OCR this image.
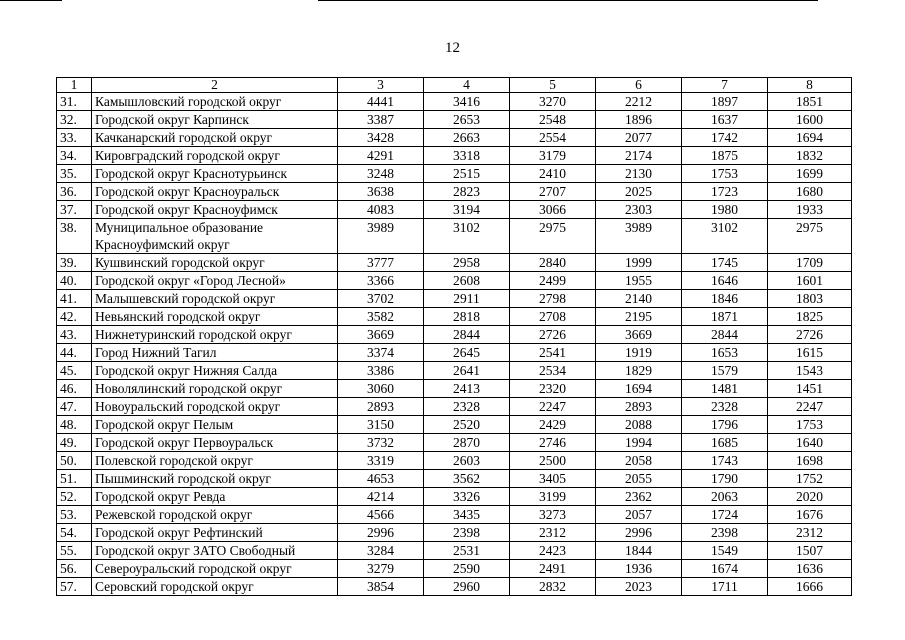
12
1	2	3	4	5	6	7	8
31.	Камышловский городской округ	4441	3416	3270	2212	1897	1851
32.	Городской округ Карпинск	3387	2653	2548	1896	1637	1600
33.	Качканарский городской округ	3428	2663	2554	2077	1742	1694
34.	Кировградский городской округ	4291	3318	3179	2174	1875	1832
35.	Городской округ Краснотурьинск	3248	2515	2410	2130	1753	1699
36.	Городской округ Красноуральск	3638	2823	2707	2025	1723	1680
37.	Городской округ Красноуфимск	4083	3194	3066	2303	1980	1933
38.	Муниципальное образование Красноуфимский округ	3989	3102	2975	3989	3102	2975
39.	Кушвинский городской округ	3777	2958	2840	1999	1745	1709
40.	Городской округ «Город Лесной»	3366	2608	2499	1955	1646	1601
41.	Малышевский городской округ	3702	2911	2798	2140	1846	1803
42.	Невьянский городской округ	3582	2818	2708	2195	1871	1825
43.	Нижнетуринский городской округ	3669	2844	2726	3669	2844	2726
44.	Город Нижний Тагил	3374	2645	2541	1919	1653	1615
45.	Городской округ Нижняя Салда	3386	2641	2534	1829	1579	1543
46.	Новолялинский городской округ	3060	2413	2320	1694	1481	1451
47.	Новоуральский городской округ	2893	2328	2247	2893	2328	2247
48.	Городской округ Пелым	3150	2520	2429	2088	1796	1753
49.	Городской округ Первоуральск	3732	2870	2746	1994	1685	1640
50.	Полевской городской округ	3319	2603	2500	2058	1743	1698
51.	Пышминский городской округ	4653	3562	3405	2055	1790	1752
52.	Городской округ Ревда	4214	3326	3199	2362	2063	2020
53.	Режевской городской округ	4566	3435	3273	2057	1724	1676
54.	Городской округ Рефтинский	2996	2398	2312	2996	2398	2312
55.	Городской округ ЗАТО Свободный	3284	2531	2423	1844	1549	1507
56.	Североуральский городской округ	3279	2590	2491	1936	1674	1636
57.	Серовский городской округ	3854	2960	2832	2023	1711	1666
